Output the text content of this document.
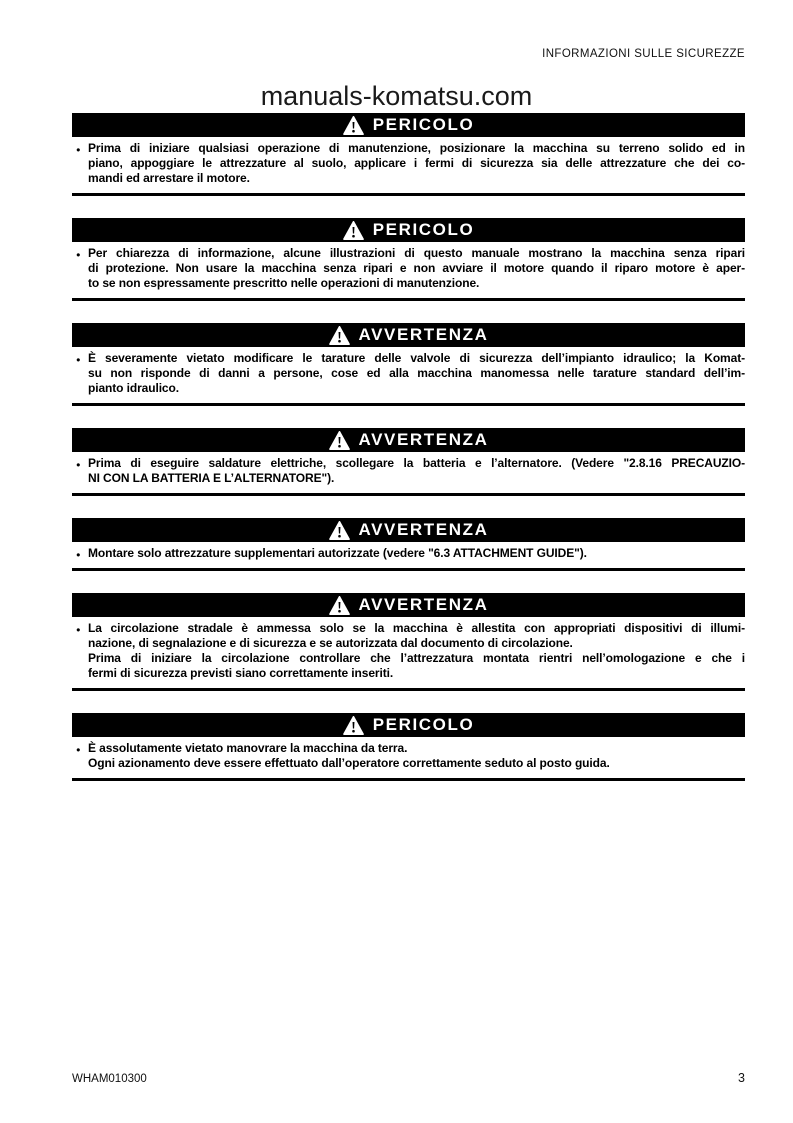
INFORMAZIONI SULLE SICUREZZE
manuals-komatsu.com
PERICOLO
● Prima di iniziare qualsiasi operazione di manutenzione, posizionare la macchina su terreno solido ed in
piano, appoggiare le attrezzature al suolo, applicare i fermi di sicurezza sia delle attrezzature che dei co-
mandi ed arrestare il motore.
PERICOLO
● Per chiarezza di informazione, alcune illustrazioni di questo manuale mostrano la macchina senza ripari
di protezione. Non usare la macchina senza ripari e non avviare il motore quando il riparo motore è aper-
to se non espressamente prescritto nelle operazioni di manutenzione.
AVVERTENZA
● È severamente vietato modificare le tarature delle valvole di sicurezza dell’impianto idraulico; la Komat-
su non risponde di danni a persone, cose ed alla macchina manomessa nelle tarature standard dell’im-
pianto idraulico.
AVVERTENZA
● Prima di eseguire saldature elettriche, scollegare la batteria e l’alternatore. (Vedere "2.8.16 PRECAUZIO-
NI CON LA BATTERIA E L’ALTERNATORE").
AVVERTENZA
● Montare solo attrezzature supplementari autorizzate (vedere "6.3 ATTACHMENT GUIDE").
AVVERTENZA
● La circolazione stradale è ammessa solo se la macchina è allestita con appropriati dispositivi di illumi-
nazione, di segnalazione e di sicurezza e se autorizzata dal documento di circolazione.
Prima di iniziare la circolazione controllare che l’attrezzatura montata rientri nell’omologazione e che i
fermi di sicurezza previsti siano correttamente inseriti.
PERICOLO
● È assolutamente vietato manovrare la macchina da terra.
Ogni azionamento deve essere effettuato dall’operatore correttamente seduto al posto guida.
WHAM010300	3
